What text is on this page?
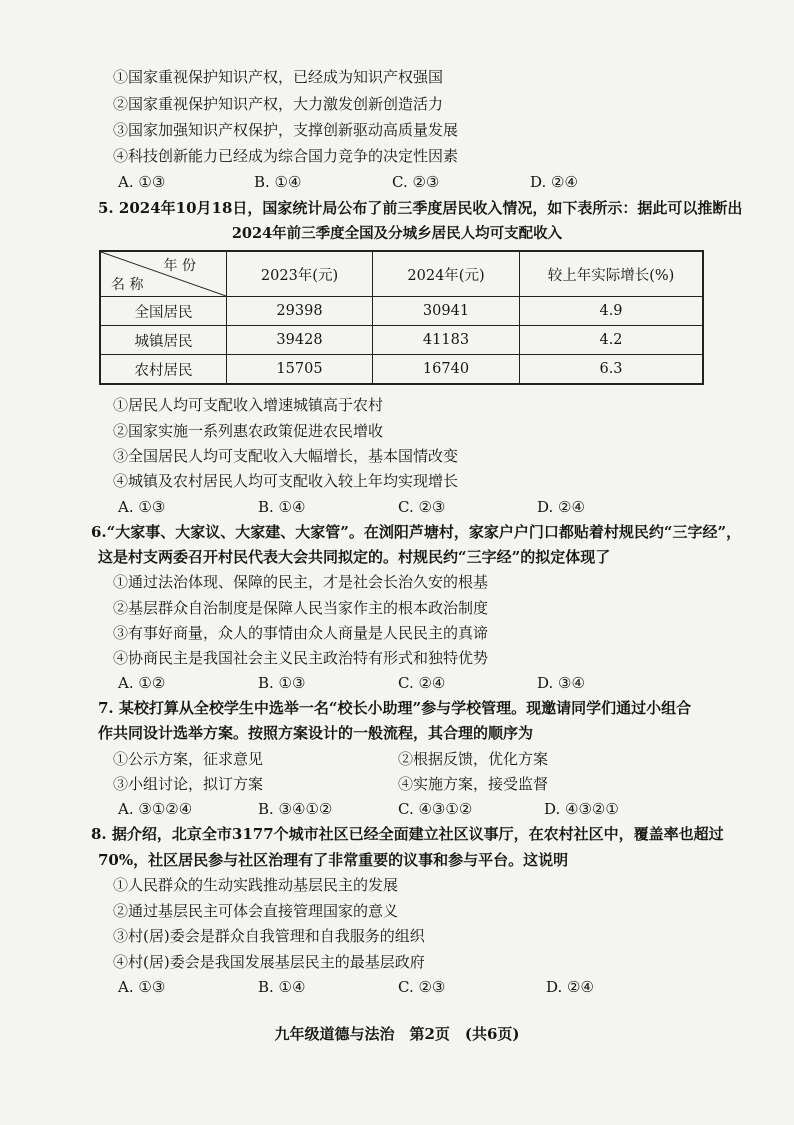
①国家重视保护知识产权，已经成为知识产权强国
②国家重视保护知识产权，大力激发创新创造活力
③国家加强知识产权保护，支撑创新驱动高质量发展
④科技创新能力已经成为综合国力竞争的决定性因素
A. ①③	B. ①④	C. ②③	D. ②④
5. 2024年10月18日，国家统计局公布了前三季度居民收入情况，如下表所示：据此可以推断出
2024年前三季度全国及分城乡居民人均可支配收入
年 份
名 称	2023年(元)	2024年(元)	较上年实际增长(%)
全国居民	29398	30941	4.9
城镇居民	39428	41183	4.2
农村居民	15705	16740	6.3
①居民人均可支配收入增速城镇高于农村
②国家实施一系列惠农政策促进农民增收
③全国居民人均可支配收入大幅增长，基本国情改变
④城镇及农村居民人均可支配收入较上年均实现增长
A. ①③	B. ①④	C. ②③	D. ②④
6.“大家事、大家议、大家建、大家管”。在浏阳芦塘村，家家户户门口都贴着村规民约“三字经”，
这是村支两委召开村民代表大会共同拟定的。村规民约“三字经”的拟定体现了
①通过法治体现、保障的民主，才是社会长治久安的根基
②基层群众自治制度是保障人民当家作主的根本政治制度
③有事好商量，众人的事情由众人商量是人民民主的真谛
④协商民主是我国社会主义民主政治特有形式和独特优势
A. ①②	B. ①③	C. ②④	D. ③④
7. 某校打算从全校学生中选举一名“校长小助理”参与学校管理。现邀请同学们通过小组合
作共同设计选举方案。按照方案设计的一般流程，其合理的顺序为
①公示方案，征求意见	②根据反馈，优化方案
③小组讨论，拟订方案	④实施方案，接受监督
A. ③①②④	B. ③④①②	C. ④③①②	D. ④③②①
8. 据介绍，北京全市3177个城市社区已经全面建立社区议事厅，在农村社区中，覆盖率也超过
70%，社区居民参与社区治理有了非常重要的议事和参与平台。这说明
①人民群众的生动实践推动基层民主的发展
②通过基层民主可体会直接管理国家的意义
③村(居)委会是群众自我管理和自我服务的组织
④村(居)委会是我国发展基层民主的最基层政府
A. ①③	B. ①④	C. ②③	D. ②④
九年级道德与法治　第2页　(共6页)
